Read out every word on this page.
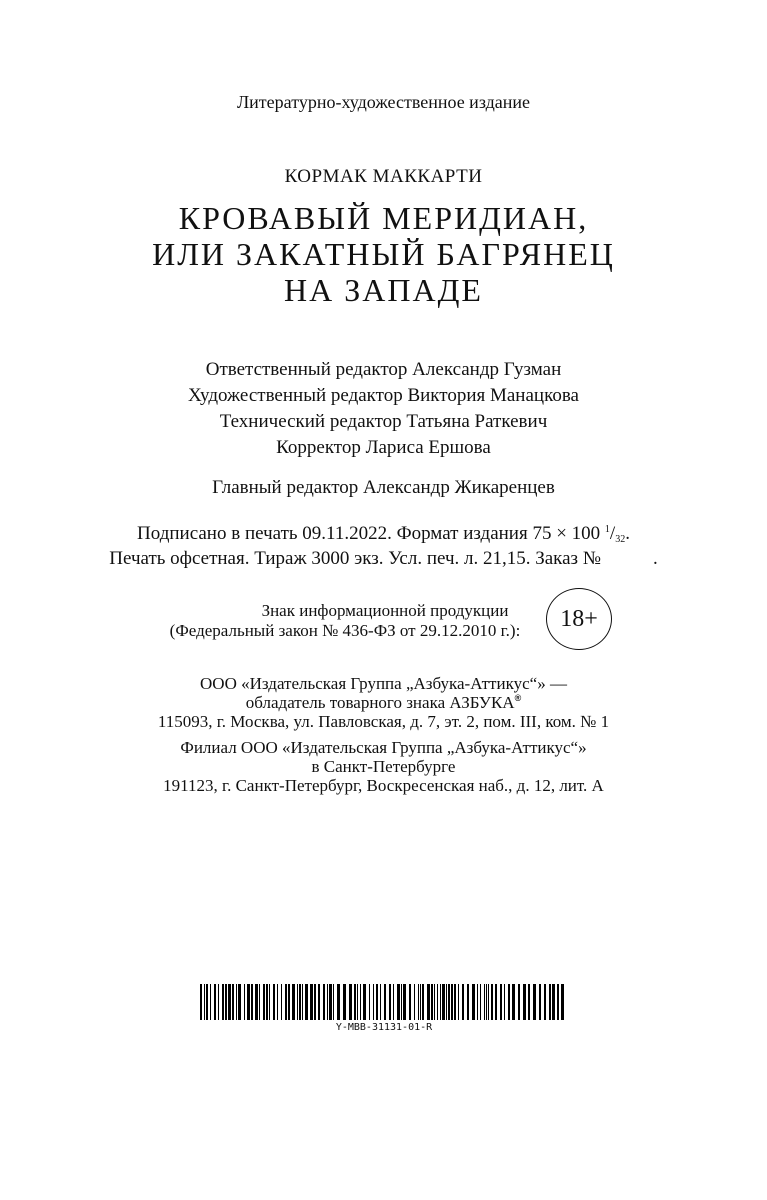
Литературно-художественное издание
КОРМАК МАККАРТИ
КРОВАВЫЙ МЕРИДИАН,
ИЛИ ЗАКАТНЫЙ БАГРЯНЕЦ
НА ЗАПАДЕ
Ответственный редактор Александр Гузман
Художественный редактор Виктория Манацкова
Технический редактор Татьяна Раткевич
Корректор Лариса Ершова
Главный редактор Александр Жикаренцев
Подписано в печать 09.11.2022. Формат издания 75 × 100 $^1/_{32}$.
Печать офсетная. Тираж 3000 экз. Усл. печ. л. 21,15. Заказ №	.
Знак информационной продукции
(Федеральный закон № 436-ФЗ от 29.12.2010 г.):	18+
ООО «Издательская Группа „Азбука-Аттикус“» —
обладатель товарного знака АЗБУКА®
115093, г. Москва, ул. Павловская, д. 7, эт. 2, пом. III, ком. № 1
Филиал ООО «Издательская Группа „Азбука-Аттикус“»
в Санкт-Петербурге
191123, г. Санкт-Петербург, Воскресенская наб., д. 12, лит. А
Y-MBB-31131-01-R
